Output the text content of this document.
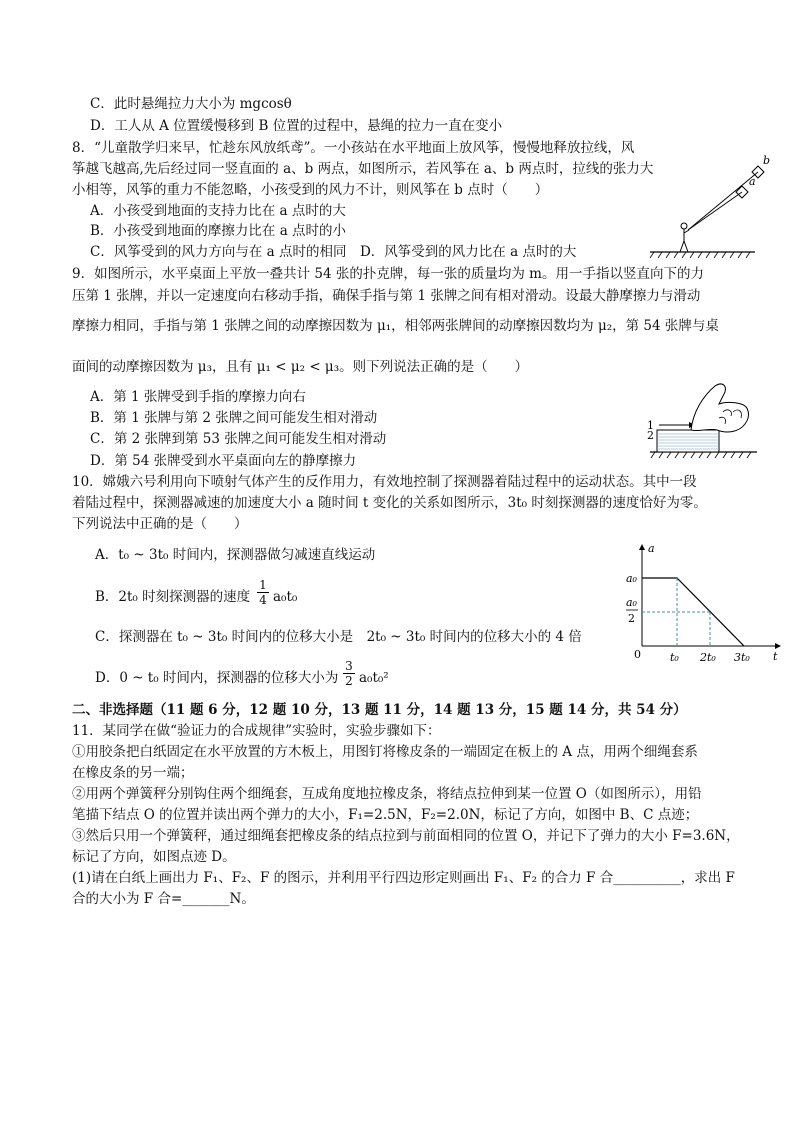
C．此时悬绳拉力大小为 mgcosθ
D．工人从 A 位置缓慢移到 B 位置的过程中，悬绳的拉力一直在变小
8．“儿童散学归来早，忙趁东风放纸鸢”。一小孩站在水平地面上放风筝，慢慢地释放拉线，风
筝越飞越高,先后经过同一竖直面的 a、b 两点，如图所示，若风筝在 a、b 两点时，拉线的张力大
小相等，风筝的重力不能忽略，小孩受到的风力不计，则风筝在 b 点时（　　）
A．小孩受到地面的支持力比在 a 点时的大
B．小孩受到地面的摩擦力比在 a 点时的小
C．风筝受到的风力方向与在 a 点时的相同　D．风筝受到的风力比在 a 点时的大
a
b
9．如图所示，水平桌面上平放一叠共计 54 张的扑克牌，每一张的质量均为 m。用一手指以竖直向下的力
压第 1 张牌，并以一定速度向右移动手指，确保手指与第 1 张牌之间有相对滑动。设最大静摩擦力与滑动
摩擦力相同，手指与第 1 张牌之间的动摩擦因数为 μ₁，相邻两张牌间的动摩擦因数均为 μ₂，第 54 张牌与桌
面间的动摩擦因数为 μ₃，且有 μ₁ < μ₂ < μ₃。则下列说法正确的是（　　）
A．第 1 张牌受到手指的摩擦力向右
B．第 1 张牌与第 2 张牌之间可能发生相对滑动
C．第 2 张牌到第 53 张牌之间可能发生相对滑动
D．第 54 张牌受到水平桌面向左的静摩擦力
1
2
10．嫦娥六号利用向下喷射气体产生的反作用力，有效地控制了探测器着陆过程中的运动状态。其中一段
着陆过程中，探测器减速的加速度大小 a 随时间 t 变化的关系如图所示，3t₀ 时刻探测器的速度恰好为零。
下列说法中正确的是（　　）
A．t₀ ~ 3t₀ 时间内，探测器做匀减速直线运动
B．2t₀ 时刻探测器的速度 $\frac{1}{4} a_0t_0$
C．探测器在 t₀ ~ 3t₀ 时间内的位移大小是　2t₀ ~ 3t₀ 时间内的位移大小的 4 倍
D．0 ~ t₀ 时间内，探测器的位移大小为 $\frac{3}{2} a_0t_0^2$
a
t
0
a₀
a₀
2
t₀ 2t₀ 3t₀
二、非选择题（11 题 6 分，12 题 10 分，13 题 11 分，14 题 13 分，15 题 14 分，共 54 分）
11．某同学在做“验证力的合成规律”实验时，实验步骤如下：
①用胶条把白纸固定在水平放置的方木板上，用图钉将橡皮条的一端固定在板上的 A 点，用两个细绳套系
在橡皮条的另一端；
②用两个弹簧秤分别钩住两个细绳套，互成角度地拉橡皮条，将结点拉伸到某一位置 O（如图所示），用铅
笔描下结点 O 的位置并读出两个弹力的大小，F₁=2.5N，F₂=2.0N，标记了方向，如图中 B、C 点迹；
③然后只用一个弹簧秤，通过细绳套把橡皮条的结点拉到与前面相同的位置 O，并记下了弹力的大小 F=3.6N，
标记了方向，如图点迹 D。
(1)请在白纸上画出力 F₁、F₂、F 的图示，并利用平行四边形定则画出 F₁、F₂ 的合力 F 合__________，求出 F
合的大小为 F 合=_______N。
